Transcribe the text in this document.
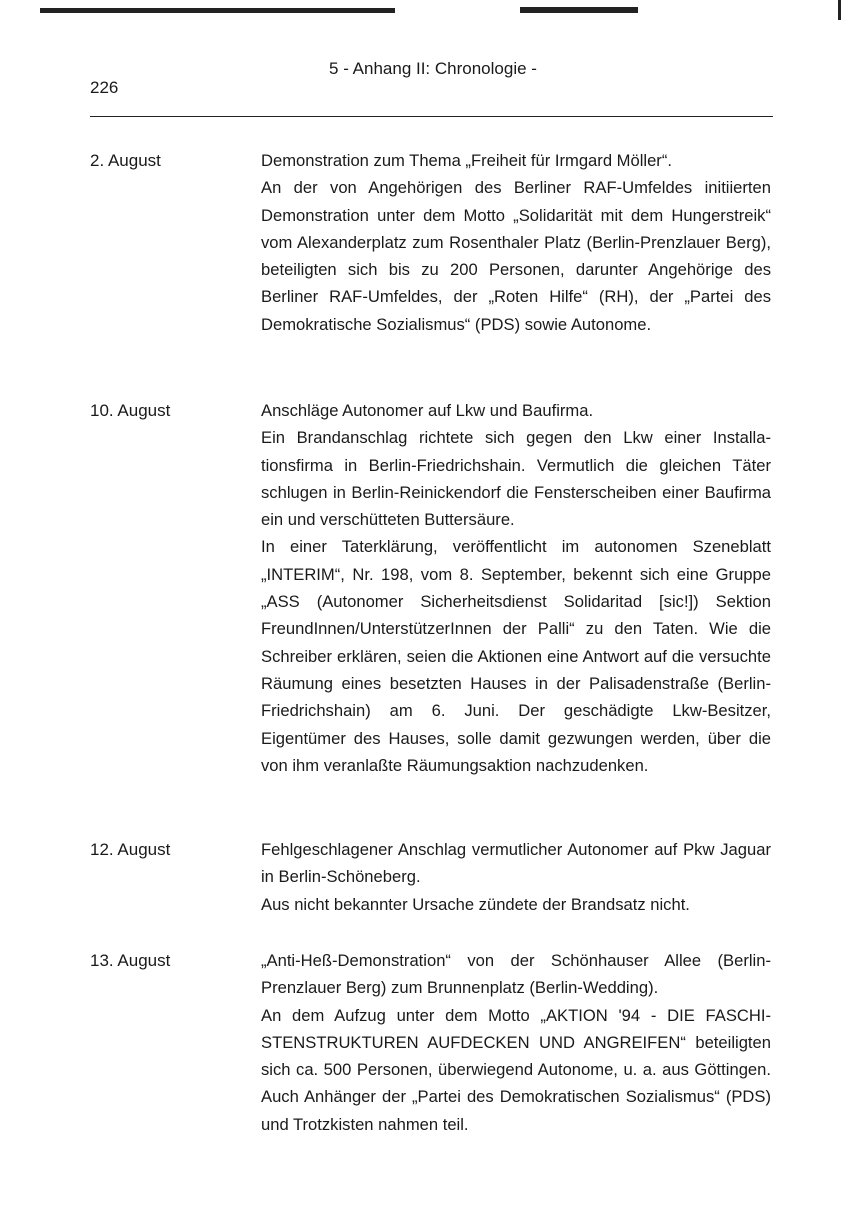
5 - Anhang II: Chronologie -
226
2. August	Demonstration zum Thema „Freiheit für Irmgard Möller“.

An der von Angehörigen des Berliner RAF-Umfeldes initiierten Demonstration unter dem Motto „Solidarität mit dem Hungerstreik“ vom Alexanderplatz zum Rosenthaler Platz (Berlin-Prenzlauer Berg), beteiligten sich bis zu 200 Personen, darunter Angehörige des Berliner RAF-Umfeldes, der „Roten Hilfe“ (RH), der „Partei des Demokratische Sozialismus“ (PDS) sowie Autonome.

10. August	Anschläge Autonomer auf Lkw und Baufirma.

Ein Brandanschlag richtete sich gegen den Lkw einer Installationsfirma in Berlin-Friedrichshain. Vermutlich die gleichen Täter schlugen in Berlin-Reinickendorf die Fensterscheiben einer Baufirma ein und verschütteten Buttersäure.

In einer Taterklärung, veröffentlicht im autonomen Szeneblatt „INTERIM“, Nr. 198, vom 8. September, bekennt sich eine Gruppe „ASS (Autonomer Sicherheitsdienst Solidaritad [sic!]) Sektion FreundInnen/UnterstützerInnen der Palli“ zu den Taten. Wie die Schreiber erklären, seien die Aktionen eine Antwort auf die versuchte Räumung eines besetzten Hauses in der Palisadenstraße (Berlin-Friedrichshain) am 6. Juni. Der geschädigte Lkw-Besitzer, Eigentümer des Hauses, solle damit gezwungen werden, über die von ihm veranlaßte Räumungsaktion nachzudenken.

12. August	Fehlgeschlagener Anschlag vermutlicher Autonomer auf Pkw Jaguar in Berlin-Schöneberg.

Aus nicht bekannter Ursache zündete der Brandsatz nicht.

13. August	„Anti-Heß-Demonstration“ von der Schönhauser Allee (Berlin-Prenzlauer Berg) zum Brunnenplatz (Berlin-Wedding).

An dem Aufzug unter dem Motto „AKTION '94 - DIE FASCHISTENSTRUKTUREN AUFDECKEN UND ANGREIFEN“ beteiligten sich ca. 500 Personen, überwiegend Autonome, u. a. aus Göttingen. Auch Anhänger der „Partei des Demokratischen Sozialismus“ (PDS) und Trotzkisten nahmen teil.
